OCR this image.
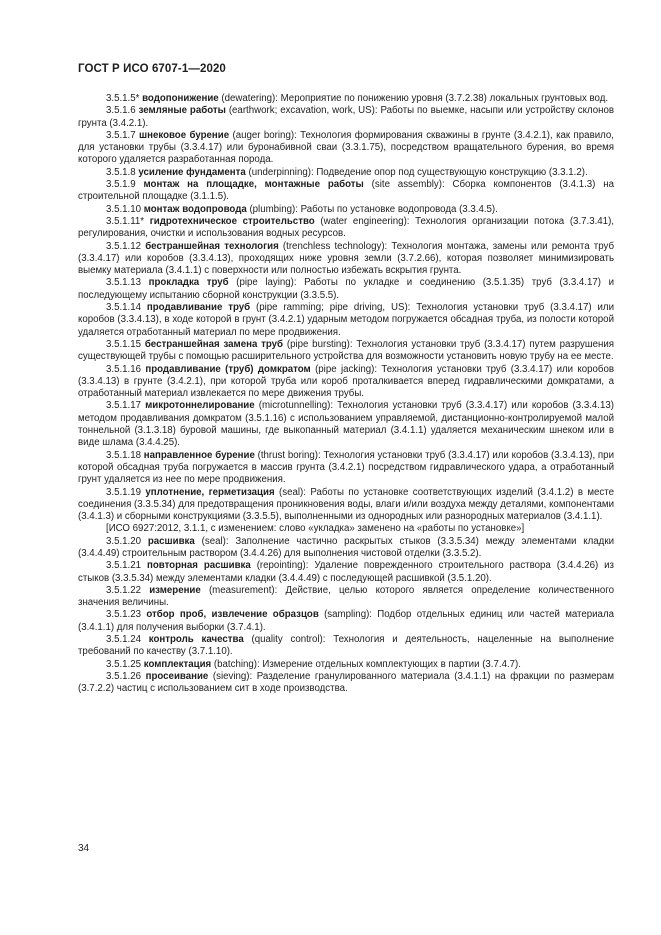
ГОСТ Р ИСО 6707-1—2020

3.5.1.5* водопонижение (dewatering): Мероприятие по понижению уровня (3.7.2.38) локальных грунтовых вод.

3.5.1.6 земляные работы (earthwork; excavation, work, US): Работы по выемке, насыпи или устройству склонов грунта (3.4.2.1).

3.5.1.7 шнековое бурение (auger boring): Технология формирования скважины в грунте (3.4.2.1), как правило, для установки трубы (3.3.4.17) или буронабивной сваи (3.3.1.75), посредством вращательного бурения, во время которого удаляется разработанная порода.

3.5.1.8 усиление фундамента (underpinning): Подведение опор под существующую конструкцию (3.3.1.2).

3.5.1.9 монтаж на площадке, монтажные работы (site assembly): Сборка компонентов (3.4.1.3) на строительной площадке (3.1.1.5).

3.5.1.10 монтаж водопровода (plumbing): Работы по установке водопровода (3.3.4.5).

3.5.1.11* гидротехническое строительство (water engineering): Технология организации потока (3.7.3.41), регулирования, очистки и использования водных ресурсов.

3.5.1.12 бестраншейная технология (trenchless technology): Технология монтажа, замены или ремонта труб (3.3.4.17) или коробов (3.3.4.13), проходящих ниже уровня земли (3.7.2.66), которая позволяет минимизировать выемку материала (3.4.1.1) с поверхности или полностью избежать вскрытия грунта.

3.5.1.13 прокладка труб (pipe laying): Работы по укладке и соединению (3.5.1.35) труб (3.3.4.17) и последующему испытанию сборной конструкции (3.3.5.5).

3.5.1.14 продавливание труб (pipe ramming; pipe driving, US): Технология установки труб (3.3.4.17) или коробов (3.3.4.13), в ходе которой в грунт (3.4.2.1) ударным методом погружается обсадная труба, из полости которой удаляется отработанный материал по мере продвижения.

3.5.1.15 бестраншейная замена труб (pipe bursting): Технология установки труб (3.3.4.17) путем разрушения существующей трубы с помощью расширительного устройства для возможности установить новую трубу на ее месте.

3.5.1.16 продавливание (труб) домкратом (pipe jacking): Технология установки труб (3.3.4.17) или коробов (3.3.4.13) в грунте (3.4.2.1), при которой труба или короб проталкивается вперед гидравлическими домкратами, а отработанный материал извлекается по мере движения трубы.

3.5.1.17 микротоннелирование (microtunnelling): Технология установки труб (3.3.4.17) или коробов (3.3.4.13) методом продавливания домкратом (3.5.1.16) с использованием управляемой, дистанционно-контролируемой малой тоннельной (3.1.3.18) буровой машины, где выкопанный материал (3.4.1.1) удаляется механическим шнеком или в виде шлама (3.4.4.25).

3.5.1.18 направленное бурение (thrust boring): Технология установки труб (3.3.4.17) или коробов (3.3.4.13), при которой обсадная труба погружается в массив грунта (3.4.2.1) посредством гидравлического удара, а отработанный грунт удаляется из нее по мере продвижения.

3.5.1.19 уплотнение, герметизация (seal): Работы по установке соответствующих изделий (3.4.1.2) в месте соединения (3.3.5.34) для предотвращения проникновения воды, влаги и/или воздуха между деталями, компонентами (3.4.1.3) и сборными конструкциями (3.3.5.5), выполненными из однородных или разнородных материалов (3.4.1.1).

[ИСО 6927:2012, 3.1.1, с изменением: слово «укладка» заменено на «работы по установке»]

3.5.1.20 расшивка (seal): Заполнение частично раскрытых стыков (3.3.5.34) между элементами кладки (3.4.4.49) строительным раствором (3.4.4.26) для выполнения чистовой отделки (3.3.5.2).

3.5.1.21 повторная расшивка (repointing): Удаление поврежденного строительного раствора (3.4.4.26) из стыков (3.3.5.34) между элементами кладки (3.4.4.49) с последующей расшивкой (3.5.1.20).

3.5.1.22 измерение (measurement): Действие, целью которого является определение количественного значения величины.

3.5.1.23 отбор проб, извлечение образцов (sampling): Подбор отдельных единиц или частей материала (3.4.1.1) для получения выборки (3.7.4.1).

3.5.1.24 контроль качества (quality control): Технология и деятельность, нацеленные на выполнение требований по качеству (3.7.1.10).

3.5.1.25 комплектация (batching): Измерение отдельных комплектующих в партии (3.7.4.7).

3.5.1.26 просеивание (sieving): Разделение гранулированного материала (3.4.1.1) на фракции по размерам (3.7.2.2) частиц с использованием сит в ходе производства.

34
